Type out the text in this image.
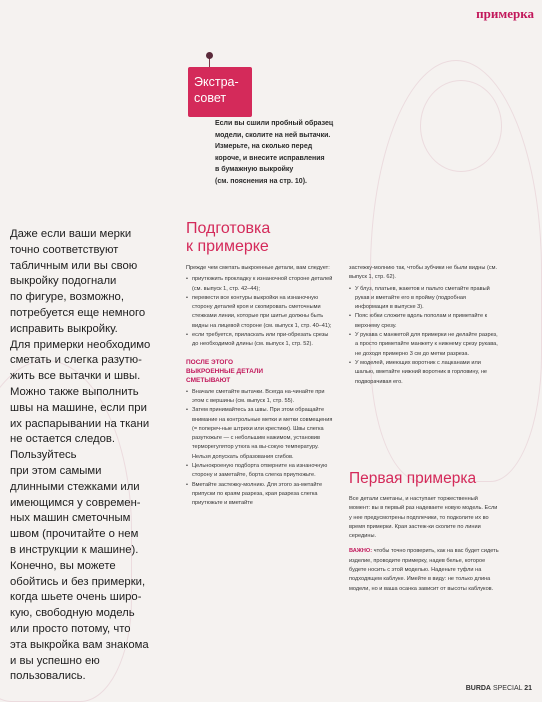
примерка
Экстра-
совет
Если вы сшили пробный образец
модели, сколите на ней вытачки.
Измерьте, на сколько перед
короче, и внесите исправления
в бумажную выкройку
(см. пояснения на стр. 10).
Даже если ваши мерки
точно соответствуют
табличным или вы свою
выкройку подогнали
по фигуре, возможно,
потребуется еще немного
исправить выкройку.
Для примерки необходимо
сметать и слегка разутю-
жить все вытачки и швы.
Можно также выполнить
швы на машине, если при
их распарывании на ткани
не остается следов.
Пользуйтесь
при этом самыми
длинными стежками или
имеющимся у современ-
ных машин сметочным
швом (прочитайте о нем
в инструкции к машине).
Конечно, вы можете
обойтись и без примерки,
когда шьете очень широ-
кую, свободную модель
или просто потому, что
эта выкройка вам знакома
и вы успешно ею
пользовались.
Подготовка
к примерке

Прежде чем сметать выкроенные детали, вам следует:

• приутюжить прокладку к изнаночной стороне деталей (см. выпуск 1, стр. 42–44);
• перевести все контуры выкройки на изнаночную сторону деталей кроя и скопировать сметочными стежками линии, которые при шитье должны быть видны на лицевой стороне (см. выпуск 1, стр. 40–41);
• если требуется, приласкать или при-обрезать срезы до необходимой длины (см. выпуск 1, стр. 52).
ПОСЛЕ ЭТОГО
ВЫКРОЕННЫЕ ДЕТАЛИ
СМЕТЫВАЮТ
• Вначале сметайте вытачки. Всегда на-чинайте при этом с вершины (см. выпуск 1, стр. 55).
• Затем принимайтесь за швы. При этом обращайте внимание на контрольные метки и метки совмещения (= попереч-ные штрихи или крестики). Швы слегка разутюжьте — с небольшим нажимом, установив терморегулятор утюга на вы-сокую температуру. Нельзя допускать образования сгибов.
• Цельнокроеную подборта отверните на изнаночную сторону и заметайте, борта слегка приутюжьте.
• Вметайте застежку-молнию. Для этого за-метайте припуски по краям разреза, края разреза слегка приутюжьте и вметайте

застежку-молнию так, чтобы зубчики не были видны (см. выпуск 1, стр. 62).

• У блуз, платьев, жакетов и пальто сметайте правый рукав и вметайте его в пройму (подробная информация в выпуске 3).
• Пояс юбки сложите вдоль пополам и приметайте к верхнему срезу.
• У рукава с манжетой для примерки не делайте разрез, а просто приметайте манжету к нижнему срезу рукава, не доходя примерно 3 см до метки разреза.
• У моделей, имеющих воротник с лацканами или шалью, вметайте нижний воротник в горловину, не подворачивая его.
Первая примерка

Все детали сметаны, и наступает торжественный момент: вы в первый раз надеваете новую модель. Если у нее предусмотрены подплечики, то подколите их во время примерки. Края застеж-ки сколите по линии середины.

ВАЖНО: чтобы точно проверить, как на вас будет сидеть изделие, проводите примерку, надев белье, которое будете носить с этой моделью. Наденьте туфли на подходящем каблуке. Имейте в виду: не только длина модели, но и ваша осанка зависит от высоты каблуков.

BURDA SPECIAL 21
